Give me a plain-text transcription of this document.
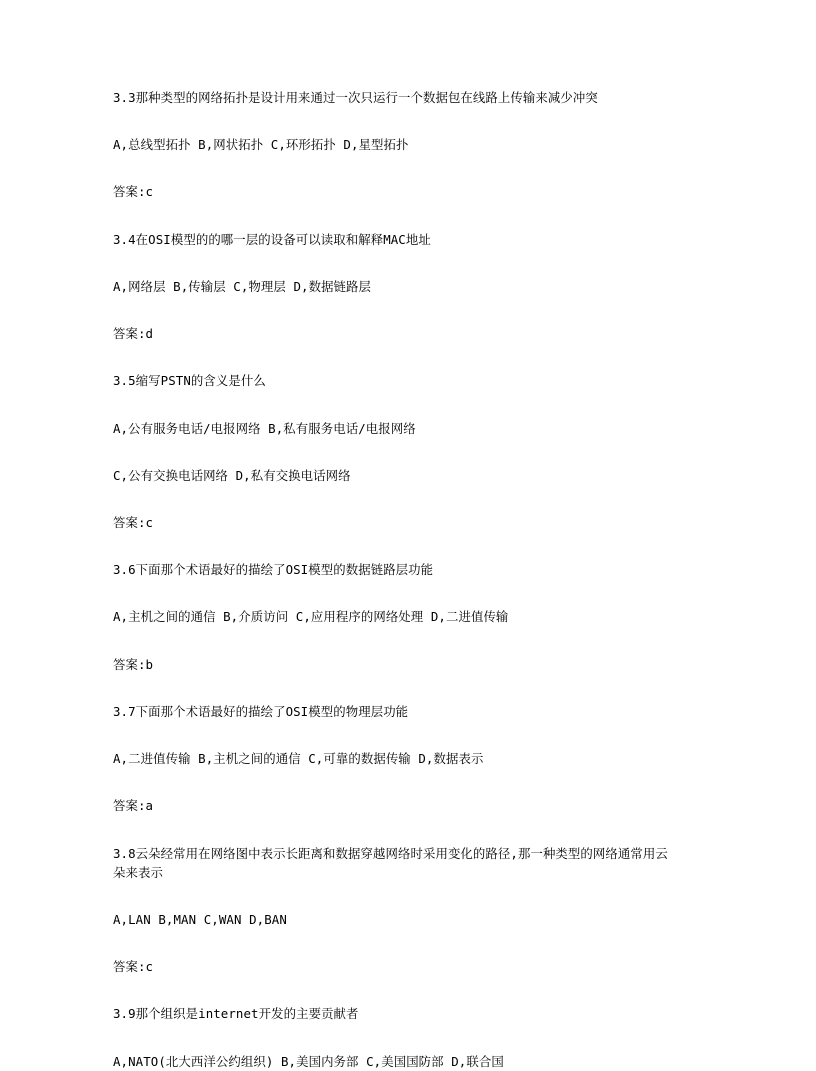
3.3那种类型的网络拓扑是设计用来通过一次只运行一个数据包在线路上传输来减少冲突

A,总线型拓扑 B,网状拓扑 C,环形拓扑 D,星型拓扑

答案:c

3.4在OSI模型的的哪一层的设备可以读取和解释MAC地址

A,网络层 B,传输层 C,物理层 D,数据链路层

答案:d

3.5缩写PSTN的含义是什么

A,公有服务电话/电报网络 B,私有服务电话/电报网络

C,公有交换电话网络 D,私有交换电话网络

答案:c

3.6下面那个术语最好的描绘了OSI模型的数据链路层功能

A,主机之间的通信 B,介质访问 C,应用程序的网络处理 D,二进值传输

答案:b

3.7下面那个术语最好的描绘了OSI模型的物理层功能

A,二进值传输 B,主机之间的通信 C,可靠的数据传输 D,数据表示

答案:a

3.8云朵经常用在网络图中表示长距离和数据穿越网络时采用变化的路径,那一种类型的网络通常用云朵来表示

A,LAN B,MAN C,WAN D,BAN

答案:c

3.9那个组织是internet开发的主要贡献者

A,NATO(北大西洋公约组织) B,美国内务部 C,美国国防部 D,联合国
